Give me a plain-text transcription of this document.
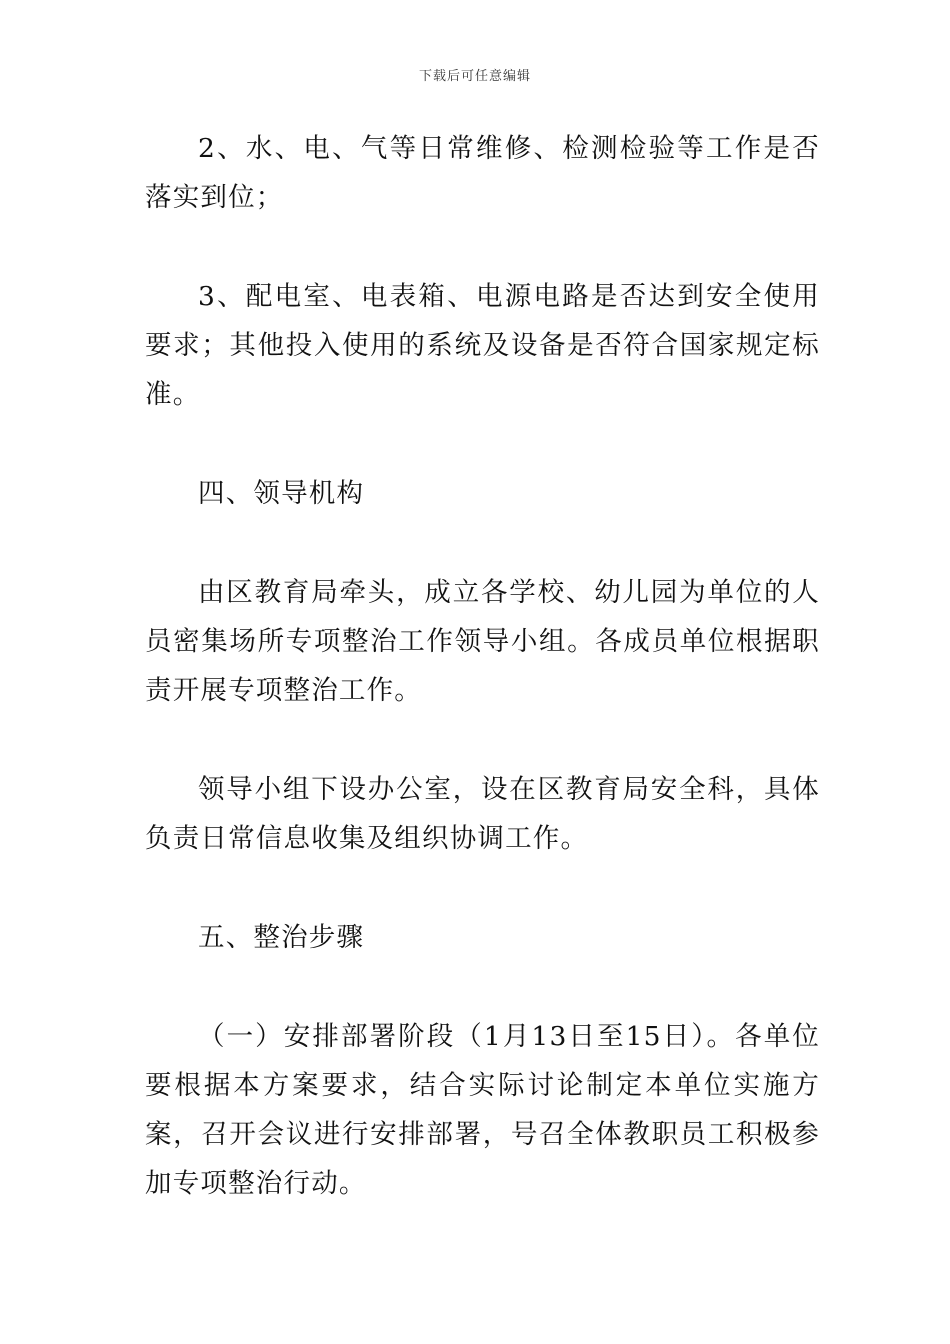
下载后可任意编辑

2、水、电、气等日常维修、检测检验等工作是否落实到位；

3、配电室、电表箱、电源电路是否达到安全使用要求；其他投入使用的系统及设备是否符合国家规定标准。

四、领导机构

由区教育局牵头，成立各学校、幼儿园为单位的人员密集场所专项整治工作领导小组。各成员单位根据职责开展专项整治工作。

领导小组下设办公室，设在区教育局安全科，具体负责日常信息收集及组织协调工作。

五、整治步骤

（一）安排部署阶段（1月13日至15日）。各单位要根据本方案要求，结合实际讨论制定本单位实施方案，召开会议进行安排部署，号召全体教职员工积极参加专项整治行动。
